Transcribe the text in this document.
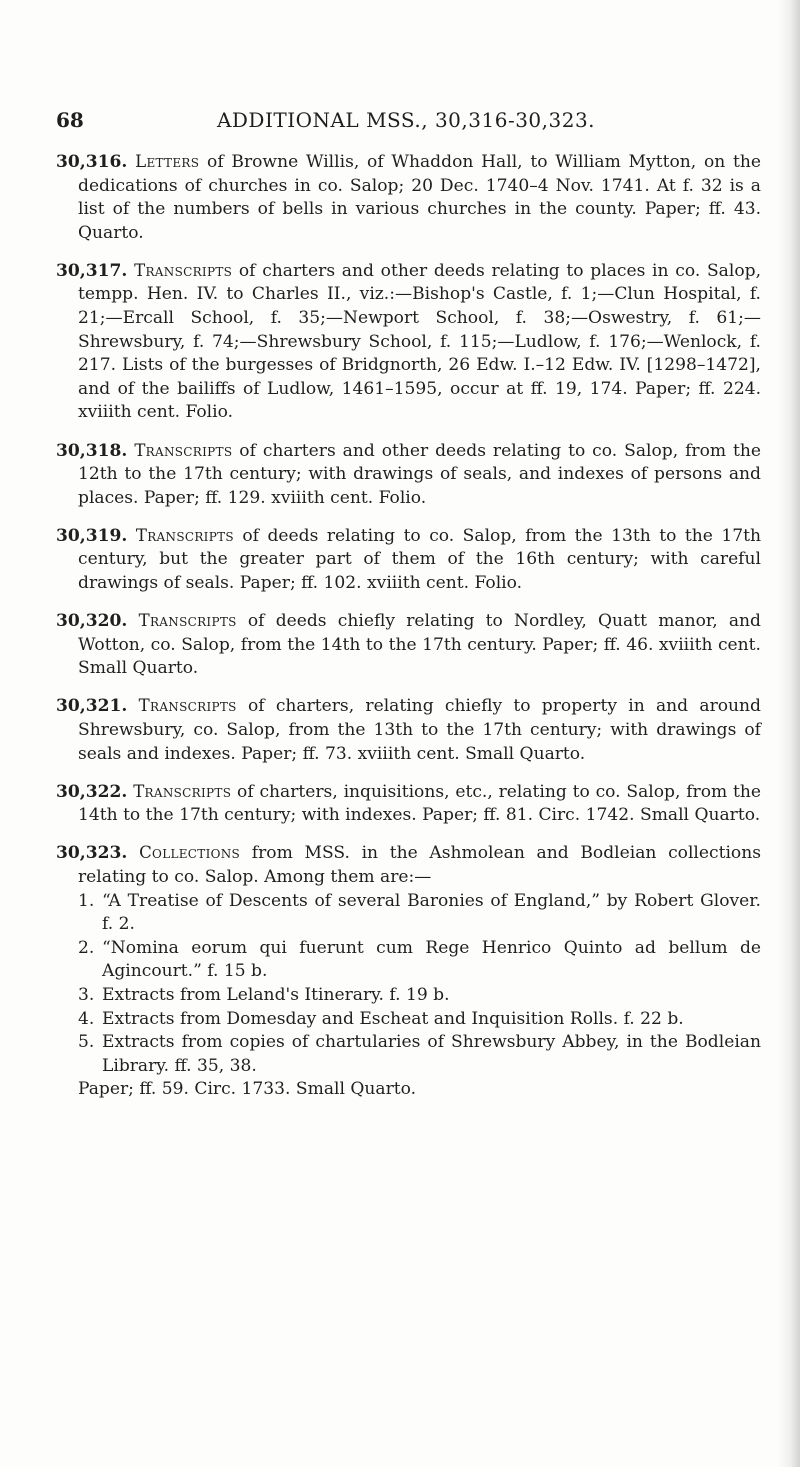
68	ADDITIONAL MSS., 30,316-30,323.

30,316. Letters of Browne Willis, of Whaddon Hall, to William Mytton, on the dedications of churches in co. Salop; 20 Dec. 1740–4 Nov. 1741. At f. 32 is a list of the numbers of bells in various churches in the county. Paper; ff. 43. Quarto.

30,317. Transcripts of charters and other deeds relating to places in co. Salop, tempp. Hen. IV. to Charles II., viz.:—Bishop's Castle, f. 1;—Clun Hospital, f. 21;—Ercall School, f. 35;—Newport School, f. 38;—Oswestry, f. 61;—Shrewsbury, f. 74;—Shrewsbury School, f. 115;—Ludlow, f. 176;—Wenlock, f. 217. Lists of the burgesses of Bridgnorth, 26 Edw. I.–12 Edw. IV. [1298–1472], and of the bailiffs of Ludlow, 1461–1595, occur at ff. 19, 174. Paper; ff. 224. xviiith cent. Folio.

30,318. Transcripts of charters and other deeds relating to co. Salop, from the 12th to the 17th century; with drawings of seals, and indexes of persons and places. Paper; ff. 129. xviiith cent. Folio.

30,319. Transcripts of deeds relating to co. Salop, from the 13th to the 17th century, but the greater part of them of the 16th century; with careful drawings of seals. Paper; ff. 102. xviiith cent. Folio.

30,320. Transcripts of deeds chiefly relating to Nordley, Quatt manor, and Wotton, co. Salop, from the 14th to the 17th century. Paper; ff. 46. xviiith cent. Small Quarto.

30,321. Transcripts of charters, relating chiefly to property in and around Shrewsbury, co. Salop, from the 13th to the 17th century; with drawings of seals and indexes. Paper; ff. 73. xviiith cent. Small Quarto.

30,322. Transcripts of charters, inquisitions, etc., relating to co. Salop, from the 14th to the 17th century; with indexes. Paper; ff. 81. Circ. 1742. Small Quarto.

30,323. Collections from MSS. in the Ashmolean and Bodleian collections relating to co. Salop. Among them are:—

1. “A Treatise of Descents of several Baronies of England,” by Robert Glover. f. 2.
2. “Nomina eorum qui fuerunt cum Rege Henrico Quinto ad bellum de Agincourt.” f. 15 b.
3. Extracts from Leland's Itinerary. f. 19 b.
4. Extracts from Domesday and Escheat and Inquisition Rolls. f. 22 b.
5. Extracts from copies of chartularies of Shrewsbury Abbey, in the Bodleian Library. ff. 35, 38.
Paper; ff. 59. Circ. 1733. Small Quarto.
